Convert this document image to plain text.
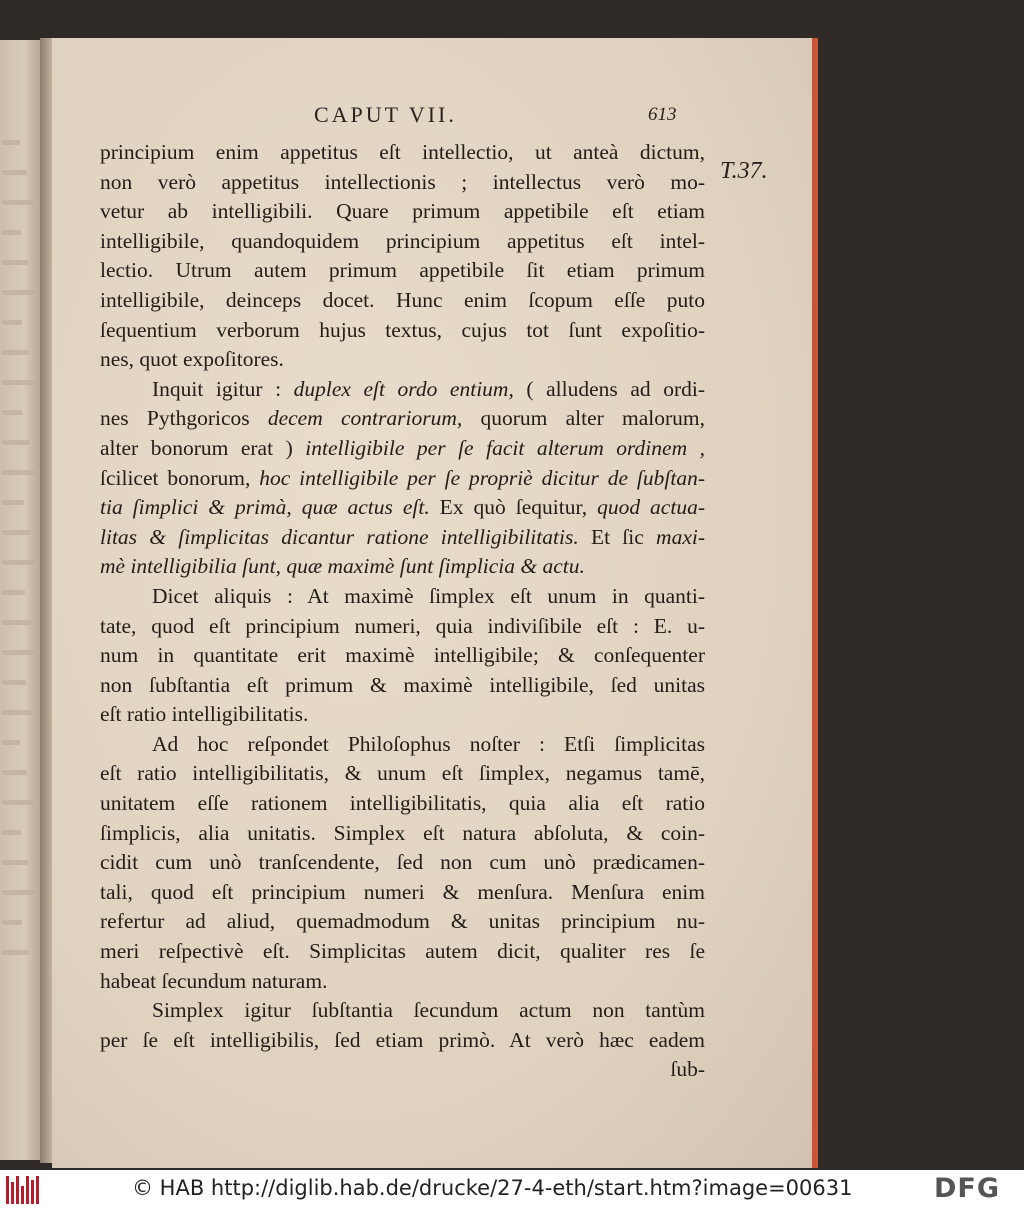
CAPUT VII.	613
T.37.
principium enim appetitus eſt intellectio, ut anteà dictum,
non verò appetitus intellectionis ; intellectus verò mo-
vetur ab intelligibili. Quare primum appetibile eſt etiam
intelligibile, quandoquidem principium appetitus eſt intel-
lectio. Utrum autem primum appetibile ſit etiam primum
intelligibile, deinceps docet. Hunc enim ſcopum eſſe puto
ſequentium verborum hujus textus, cujus tot ſunt expoſitio-
nes, quot expoſitores.
Inquit igitur : duplex eſt ordo entium, ( alludens ad ordi-
nes Pythgoricos decem contrariorum, quorum alter malorum,
alter bonorum erat ) intelligibile per ſe facit alterum ordinem ,
ſcilicet bonorum, hoc intelligibile per ſe propriè dicitur de ſubſtan-
tia ſimplici & primà, quæ actus eſt. Ex quò ſequitur, quod actua-
litas & ſimplicitas dicantur ratione intelligibilitatis. Et ſic maxi-
mè intelligibilia ſunt, quæ maximè ſunt ſimplicia & actu.
Dicet aliquis : At maximè ſimplex eſt unum in quanti-
tate, quod eſt principium numeri, quia indiviſibile eſt : E. u-
num in quantitate erit maximè intelligibile; & conſequenter
non ſubſtantia eſt primum & maximè intelligibile, ſed unitas
eſt ratio intelligibilitatis.
Ad hoc reſpondet Philoſophus noſter : Etſi ſimplicitas
eſt ratio intelligibilitatis, & unum eſt ſimplex, negamus tamē,
unitatem eſſe rationem intelligibilitatis, quia alia eſt ratio
ſimplicis, alia unitatis. Simplex eſt natura abſoluta, & coin-
cidit cum unò tranſcendente, ſed non cum unò prædicamen-
tali, quod eſt principium numeri & menſura. Menſura enim
refertur ad aliud, quemadmodum & unitas principium nu-
meri reſpectivè eſt. Simplicitas autem dicit, qualiter res ſe
habeat ſecundum naturam.
Simplex igitur ſubſtantia ſecundum actum non tantùm
per ſe eſt intelligibilis, ſed etiam primò. At verò hæc eadem
ſub-
© HAB http://diglib.hab.de/drucke/27-4-eth/start.htm?image=00631	DFG
